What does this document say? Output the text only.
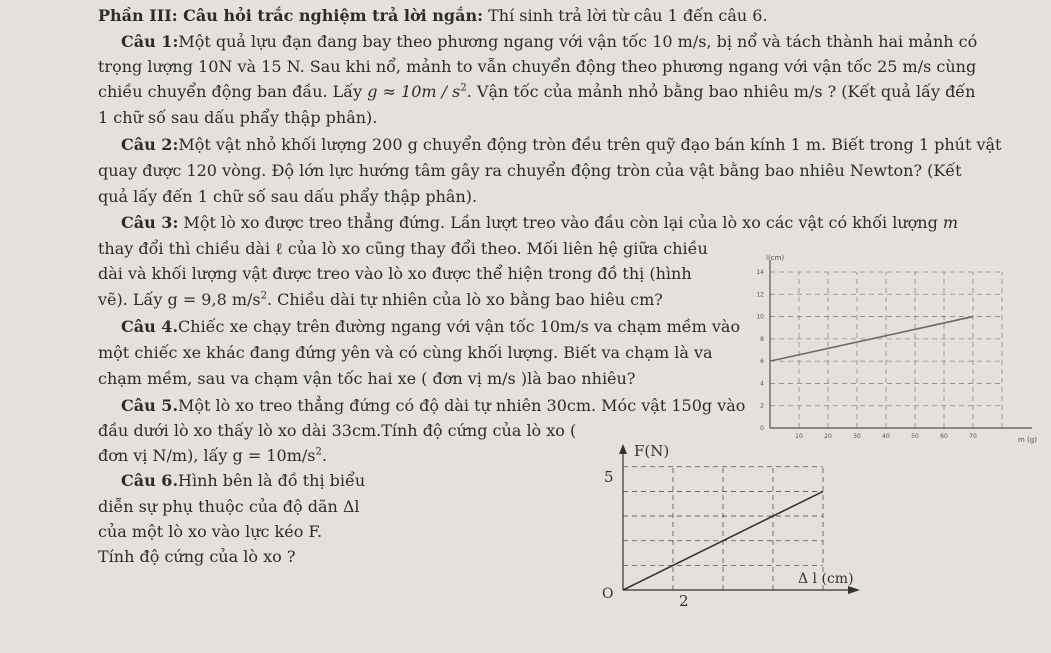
Phần III: Câu hỏi trắc nghiệm trả lời ngắn: Thí sinh trả lời từ câu 1 đến câu 6.
Câu 1:Một quả lựu đạn đang bay theo phương ngang với vận tốc 10 m/s, bị nổ và tách thành hai mảnh có
trọng lượng 10N và 15 N. Sau khi nổ, mảnh to vẫn chuyển động theo phương ngang với vận tốc 25 m/s cùng
chiều chuyển động ban đầu. Lấy $g \approx 10m / s^2$. Vận tốc của mảnh nhỏ bằng bao nhiêu m/s ? (Kết quả lấy đến
1 chữ số sau dấu phẩy thập phân).
Câu 2:Một vật nhỏ khối lượng 200 g chuyển động tròn đều trên quỹ đạo bán kính 1 m. Biết trong 1 phút vật
quay được 120 vòng. Độ lớn lực hướng tâm gây ra chuyển động tròn của vật bằng bao nhiêu Newton? (Kết
quả lấy đến 1 chữ số sau dấu phẩy thập phân).
Câu 3: Một lò xo được treo thẳng đứng. Lần lượt treo vào đầu còn lại của lò xo các vật có khối lượng m
thay đổi thì chiều dài ℓ của lò xo cũng thay đổi theo. Mối liên hệ giữa chiều
dài và khối lượng vật được treo vào lò xo được thể hiện trong đồ thị (hình
vẽ). Lấy g = 9,8 $m/s^2$. Chiều dài tự nhiên của lò xo bằng bao hiêu cm?
Câu 4.Chiếc xe chạy trên đường ngang với vận tốc 10m/s va chạm mềm vào
một chiếc xe khác đang đứng yên và có cùng khối lượng. Biết va chạm là va
chạm mềm, sau va chạm vận tốc hai xe ( đơn vị m/s )là bao nhiêu?
Câu 5.Một lò xo treo thẳng đứng có độ dài tự nhiên 30cm. Móc vật 150g vào
đầu dưới lò xo thấy lò xo dài 33cm.Tính độ cứng của lò xo (
đơn vị N/m), lấy $g = 10m/s^2$.
Câu 6.Hình bên là đồ thị biểu
diễn sự phụ thuộc của độ dãn Δl
của một lò xo vào lực kéo F.
Tính độ cứng của lò xo ?
l(cm)
m (g)
0
2
4
6
8
10
12
14
10	20	30	40	50	60	70
F(N)
Δ l (cm)
5
2
O
